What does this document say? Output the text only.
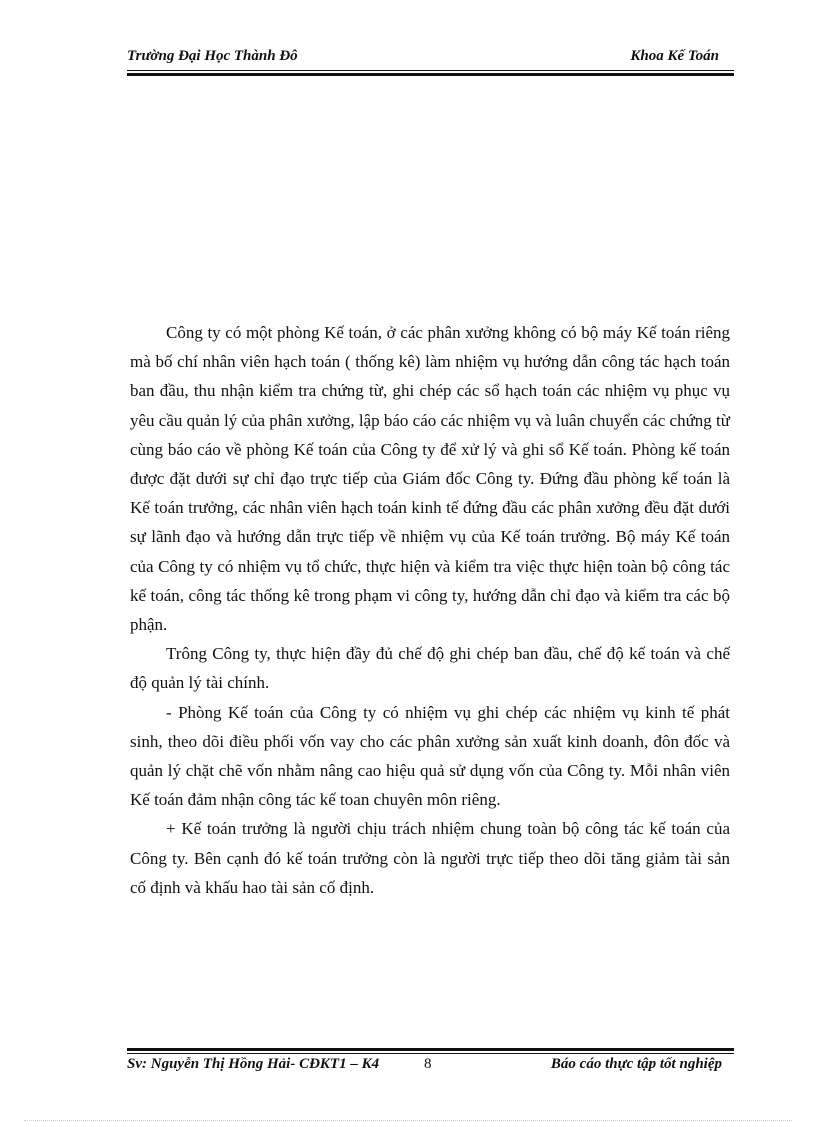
Trường Đại Học Thành Đô	Khoa Kế Toán

Công ty có một phòng Kế toán, ở các phân xưởng không có bộ máy Kế toán riêng mà bố chí nhân viên hạch toán ( thống kê) làm nhiệm vụ hướng dẫn công tác hạch toán ban đầu, thu nhận kiểm tra chứng từ, ghi chép các sổ hạch toán các nhiệm vụ phục vụ yêu cầu quản lý của phân xưởng, lập báo cáo các nhiệm vụ và luân chuyển các chứng từ cùng báo cáo về phòng Kế toán của Công ty để xử lý và ghi sổ Kế toán. Phòng kế toán được đặt dưới sự chỉ đạo trực tiếp của Giám đốc Công ty. Đứng đầu phòng kế toán là Kế toán trưởng, các nhân viên hạch toán kinh tế đứng đầu các phân xưởng đều đặt dưới sự lãnh đạo và hướng dẫn trực tiếp về nhiệm vụ của Kế toán trưởng. Bộ máy Kế toán của Công ty có nhiệm vụ tổ chức, thực hiện và kiểm tra việc thực hiện toàn bộ công tác kế toán, công tác thống kê trong phạm vi công ty, hướng dẫn chỉ đạo và kiểm tra các bộ phận.

Trông Công ty, thực hiện đầy đủ chế độ ghi chép ban đầu, chế độ kế toán và chế độ quản lý tài chính.

- Phòng Kế toán của Công ty có nhiệm vụ ghi chép các nhiệm vụ kinh tế phát sinh, theo dõi điều phối vốn vay cho các phân xưởng sản xuất kinh doanh, đôn đốc và quản lý chặt chẽ vốn nhằm nâng cao hiệu quả sử dụng vốn của Công ty. Mỗi nhân viên Kế toán đảm nhận công tác kế toan chuyên môn riêng.

+ Kế toán trưởng là người chịu trách nhiệm chung toàn bộ công tác kế toán của Công ty. Bên cạnh đó kế toán trưởng còn là người trực tiếp theo dõi tăng giảm tài sản cố định và khấu hao tài sản cố định.

Sv: Nguyễn Thị Hồng Hải- CĐKT1 – K4	8	Báo cáo thực tập tốt nghiệp
